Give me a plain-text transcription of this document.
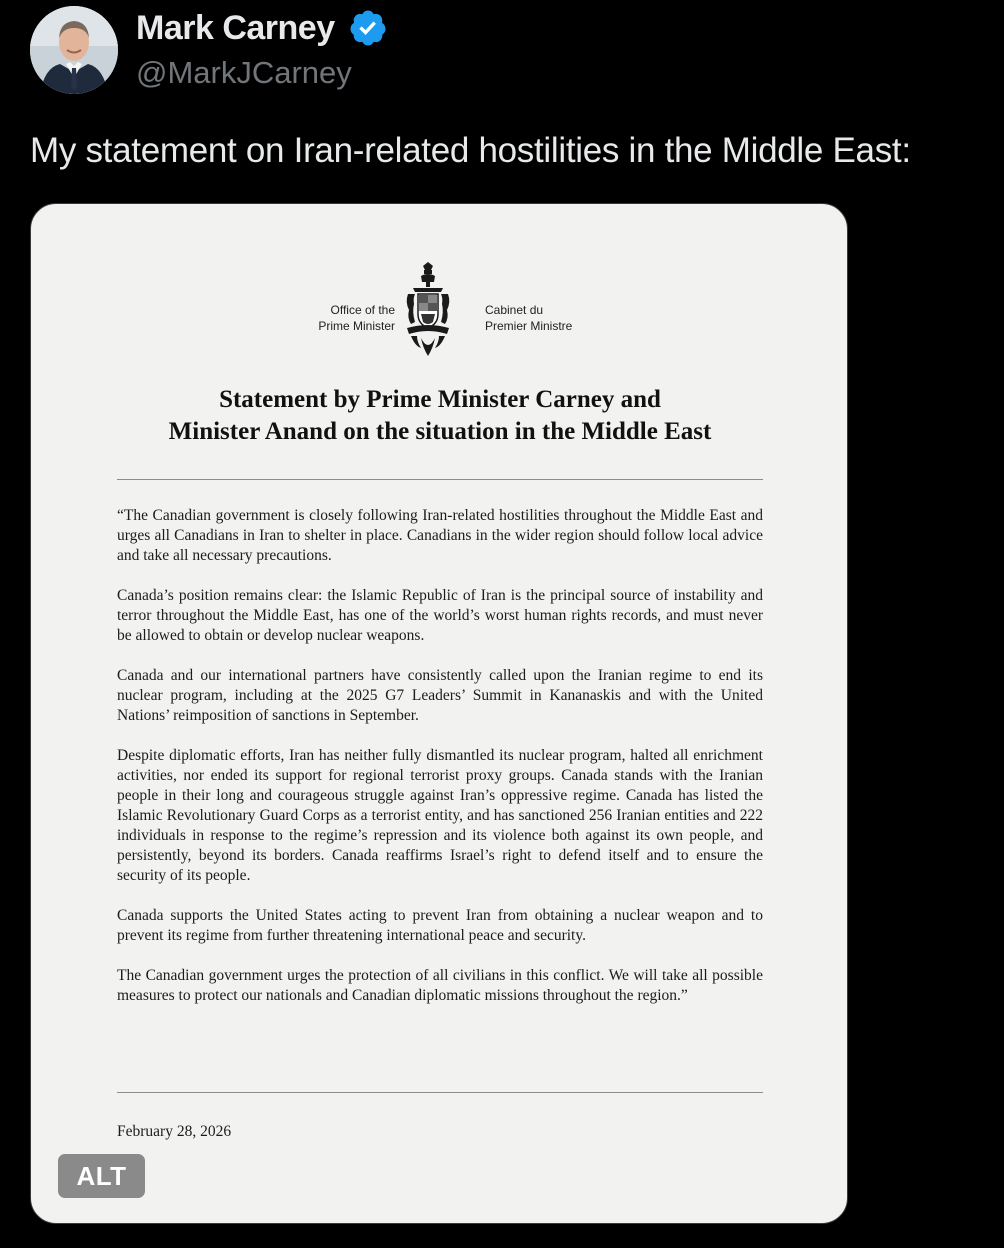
Mark Carney
@MarkJCarney
My statement on Iran-related hostilities in the Middle East:
Office of the
Prime Minister
Cabinet du
Premier Ministre
Statement by Prime Minister Carney and
Minister Anand on the situation in the Middle East

“The Canadian government is closely following Iran-related hostilities throughout the Middle East and urges all Canadians in Iran to shelter in place. Canadians in the wider region should follow local advice and take all necessary precautions.

Canada’s position remains clear: the Islamic Republic of Iran is the principal source of instability and terror throughout the Middle East, has one of the world’s worst human rights records, and must never be allowed to obtain or develop nuclear weapons.

Canada and our international partners have consistently called upon the Iranian regime to end its nuclear program, including at the 2025 G7 Leaders’ Summit in Kananaskis and with the United Nations’ reimposition of sanctions in September.

Despite diplomatic efforts, Iran has neither fully dismantled its nuclear program, halted all enrichment activities, nor ended its support for regional terrorist proxy groups. Canada stands with the Iranian people in their long and courageous struggle against Iran’s oppressive regime. Canada has listed the Islamic Revolutionary Guard Corps as a terrorist entity, and has sanctioned 256 Iranian entities and 222 individuals in response to the regime’s repression and its violence both against its own people, and persistently, beyond its borders. Canada reaffirms Israel’s right to defend itself and to ensure the security of its people.

Canada supports the United States acting to prevent Iran from obtaining a nuclear weapon and to prevent its regime from further threatening international peace and security.

The Canadian government urges the protection of all civilians in this conflict. We will take all possible measures to protect our nationals and Canadian diplomatic missions throughout the region.”

February 28, 2026
ALT
